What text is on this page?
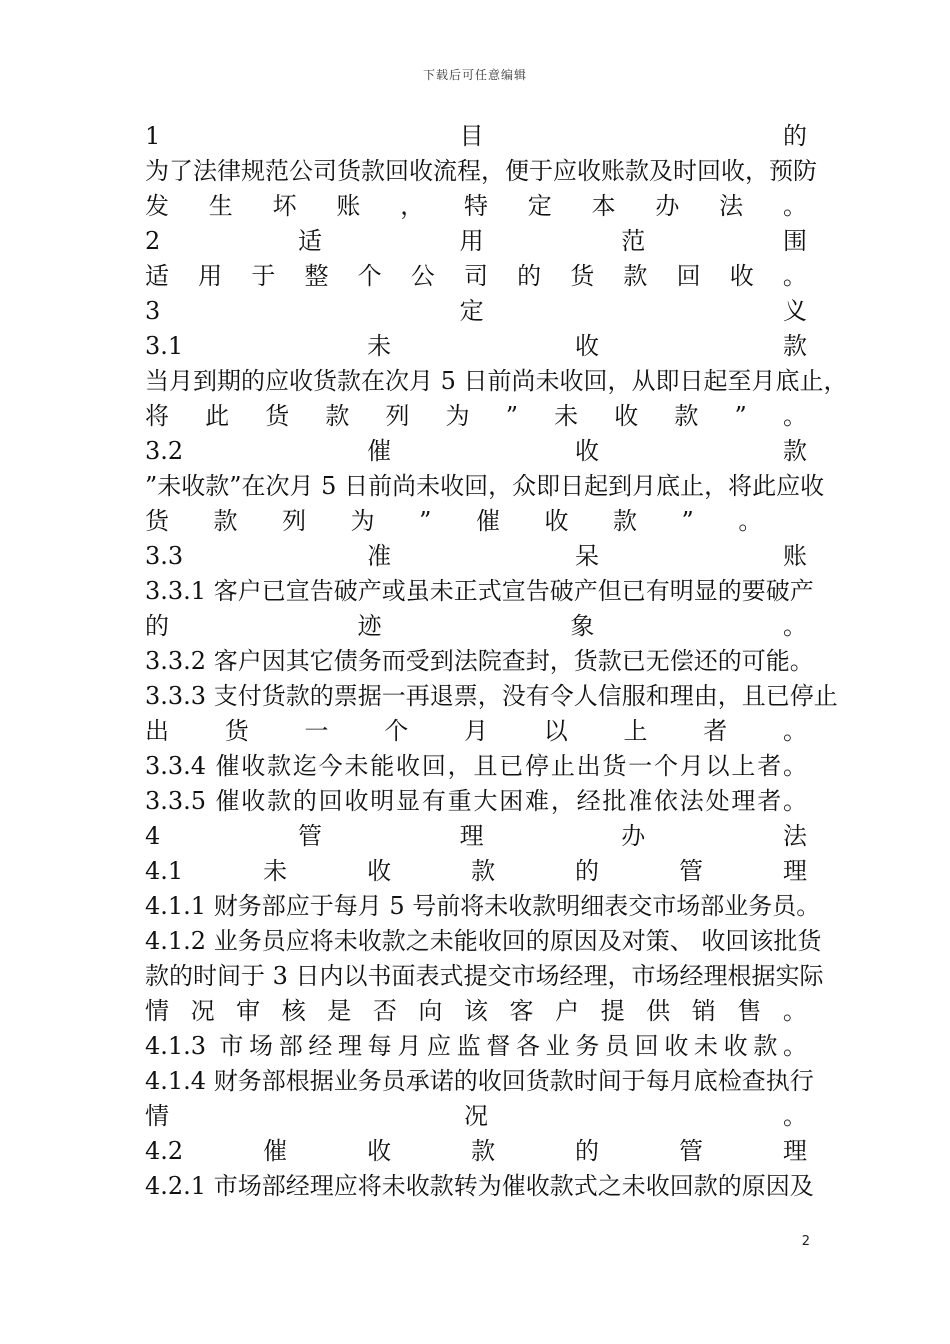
下载后可任意编辑
1	目	的
为了法律规范公司货款回收流程，便于应收账款及时回收，预防
发 生 坏 账 ， 特 定 本 办 法 。
2	适	用	范	围
适 用 于 整 个 公 司 的 货 款 回 收 。
3	定	义
3.1	未	收	款
当月到期的应收货款在次月 5 日前尚未收回，从即日起至月底止，
将 此 货 款 列 为 ” 未 收 款 ” 。
3.2	催	收	款
”未收款”在次月 5 日前尚未收回，众即日起到月底止，将此应收
货 款 列 为 ” 催 收 款 ” 。
3.3	准	呆	账
3.3.1 客户已宣告破产或虽未正式宣告破产但已有明显的要破产
的	迹	象	。
3.3.2 客户因其它债务而受到法院查封，货款已无偿还的可能。
3.3.3 支付货款的票据一再退票，没有令人信服和理由，且已停止
出 货 一 个 月 以 上 者 。
3.3.4 催收款迄今未能收回，且已停止出货一个月以上者。
3.3.5 催收款的回收明显有重大困难，经批准依法处理者。
4	管	理	办	法
4.1	未	收	款	的	管	理
4.1.1 财务部应于每月 5 号前将未收款明细表交市场部业务员。
4.1.2 业务员应将未收款之未能收回的原因及对策、 收回该批货
款的时间于 3 日内以书面表式提交市场经理，市场经理根据实际
情 况 审 核 是 否 向 该 客 户 提 供 销 售 。
4.1.3 市场部经理每月应监督各业务员回收未收款。
4.1.4 财务部根据业务员承诺的收回货款时间于每月底检查执行
情	况	。
4.2	催	收	款	的	管	理
4.2.1 市场部经理应将未收款转为催收款式之未收回款的原因及
2
